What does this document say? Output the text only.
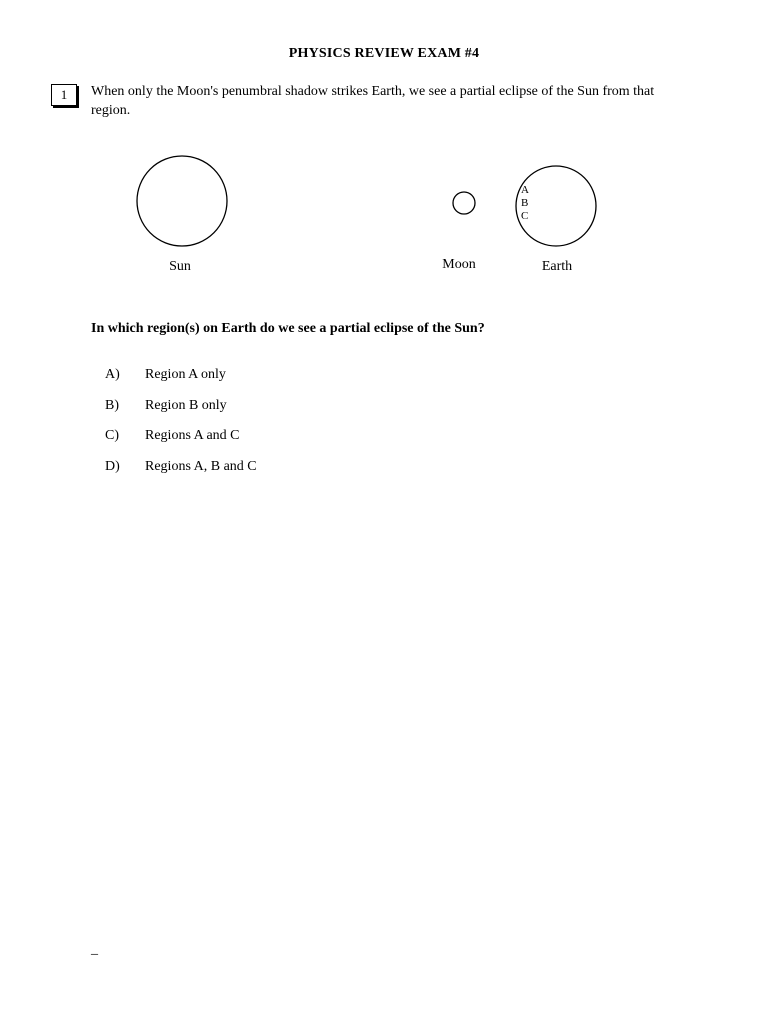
PHYSICS REVIEW EXAM #4
1	When only the Moon's penumbral shadow strikes Earth, we see a partial eclipse of the Sun from that region.
A
B
C
Sun	Moon	Earth
In which region(s) on Earth do we see a partial eclipse of the Sun?
A) Region A only
B) Region B only
C) Regions A and C
D) Regions A, B and C
_
